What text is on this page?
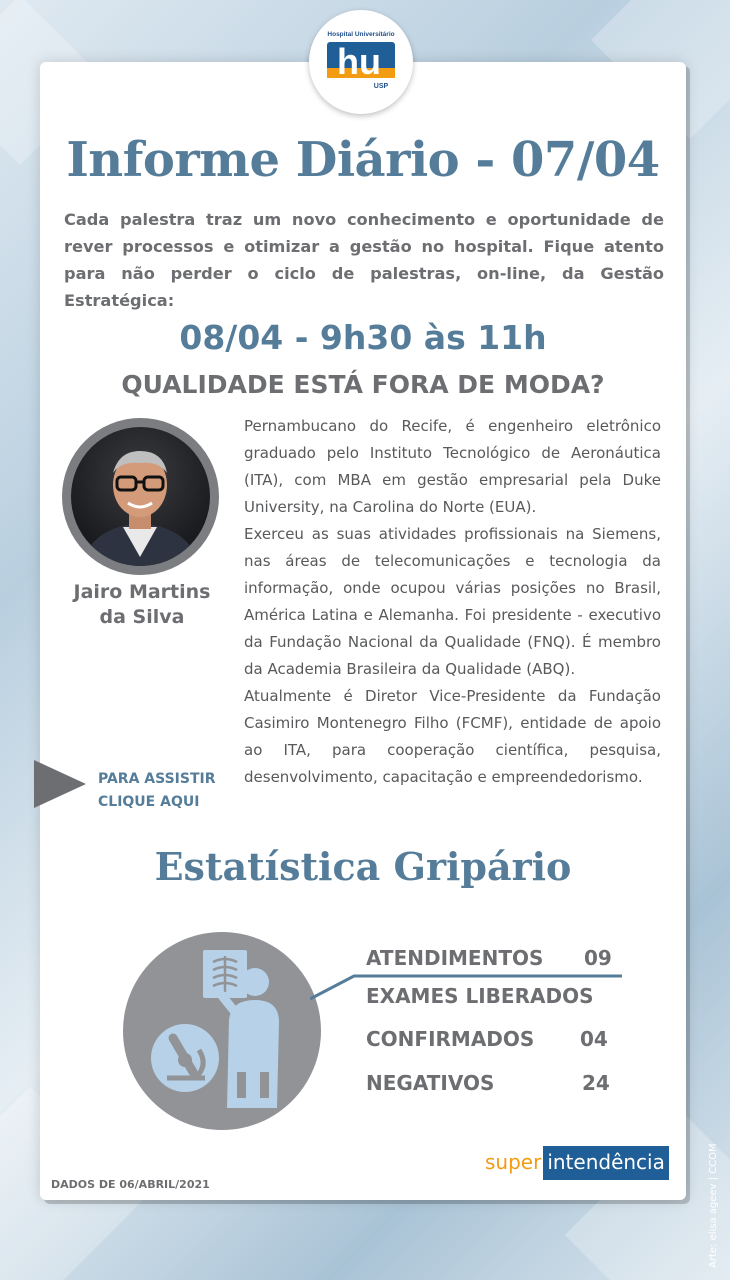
Hospital Universitário
hu
USP
Informe Diário - 07/04
Cada palestra traz um novo conhecimento e oportunidade de rever processos e otimizar a gestão no hospital. Fique atento para não perder o ciclo de palestras, on-line, da Gestão Estratégica:
08/04 - 9h30 às 11h
QUALIDADE ESTÁ FORA DE MODA?
Jairo Martins
da Silva

Pernambucano do Recife, é engenheiro eletrônico graduado pelo Instituto Tecnológico de Aeronáutica (ITA), com MBA em gestão empresarial pela Duke University, na Carolina do Norte (EUA).

Exerceu as suas atividades profissionais na Siemens, nas áreas de telecomunicações e tecnologia da informação, onde ocupou várias posições no Brasil, América Latina e Alemanha. Foi presidente - executivo da Fundação Nacional da Qualidade (FNQ). É membro da Academia Brasileira da Qualidade (ABQ).

Atualmente é Diretor Vice-Presidente da Fundação Casimiro Montenegro Filho (FCMF), entidade de apoio ao ITA, para cooperação científica, pesquisa, desenvolvimento, capacitação e empreendedorismo.

PARA ASSISTIR
CLIQUE AQUI
Estatística Gripário
ATENDIMENTOS 09
EXAMES LIBERADOS
CONFIRMADOS 04
NEGATIVOS	24
DADOS DE 06/ABRIL/2021
super intendência	Arte: elisa ageev | CCOM
